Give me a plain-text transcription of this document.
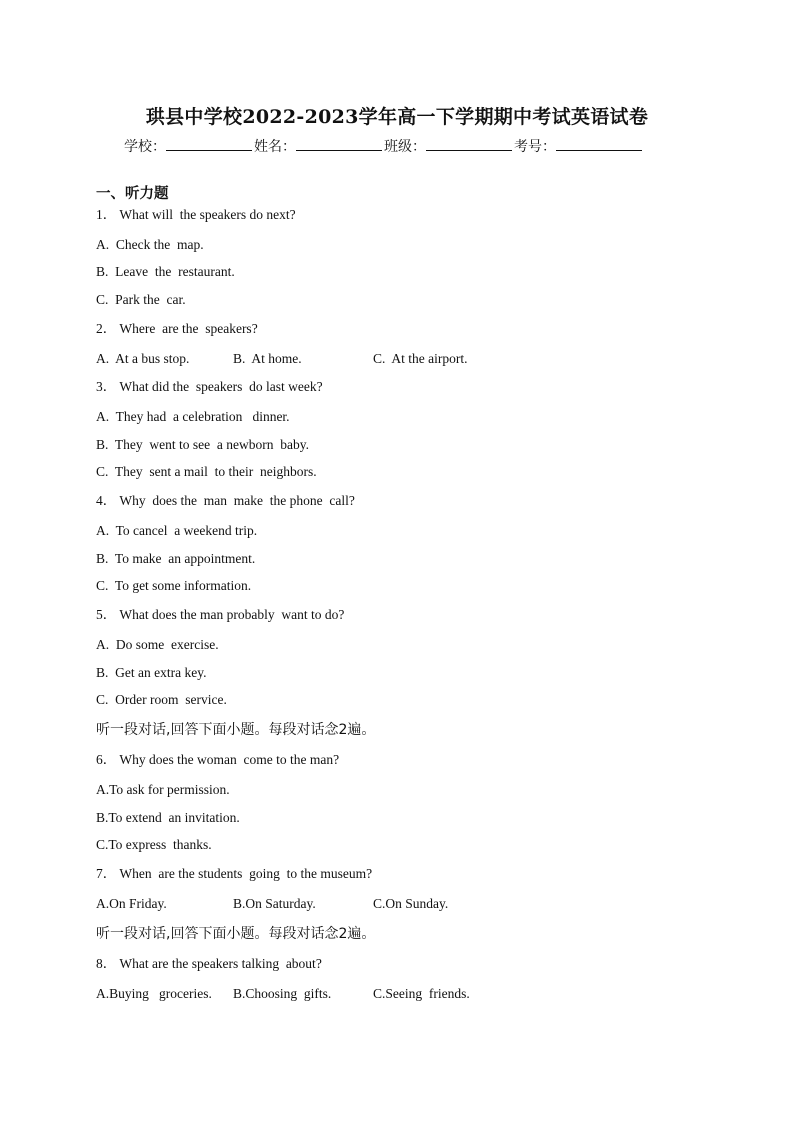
珙县中学校2022-2023学年高一下学期期中考试英语试卷
学校：	姓名：	班级：	考号：
一、听力题
1． What will  the speakers do next?
A.  Check the  map.
B.  Leave  the  restaurant.
C.  Park the  car.
2． Where  are the  speakers?
A.  At a bus stop.	B.  At home.	C.  At the airport.
3． What did the  speakers  do last week?
A.  They had  a celebration   dinner.
B.  They  went to see  a newborn  baby.
C.  They  sent a mail  to their  neighbors.
4． Why  does the  man  make  the phone  call?
A.  To cancel  a weekend trip.
B.  To make  an appointment.
C.  To get some information.
5． What does the man probably  want to do?
A.  Do some  exercise.
B.  Get an extra key.
C.  Order room  service.
听一段对话,回答下面小题。每段对话念2遍。
6． Why does the woman  come to the man?
A.To ask for permission.
B.To extend  an invitation.
C.To express  thanks.
7． When  are the students  going  to the museum?
A.On Friday.	B.On Saturday.	C.On Sunday.
听一段对话,回答下面小题。每段对话念2遍。
8． What are the speakers talking  about?
A.Buying   groceries. B.Choosing  gifts.	C.Seeing  friends.
